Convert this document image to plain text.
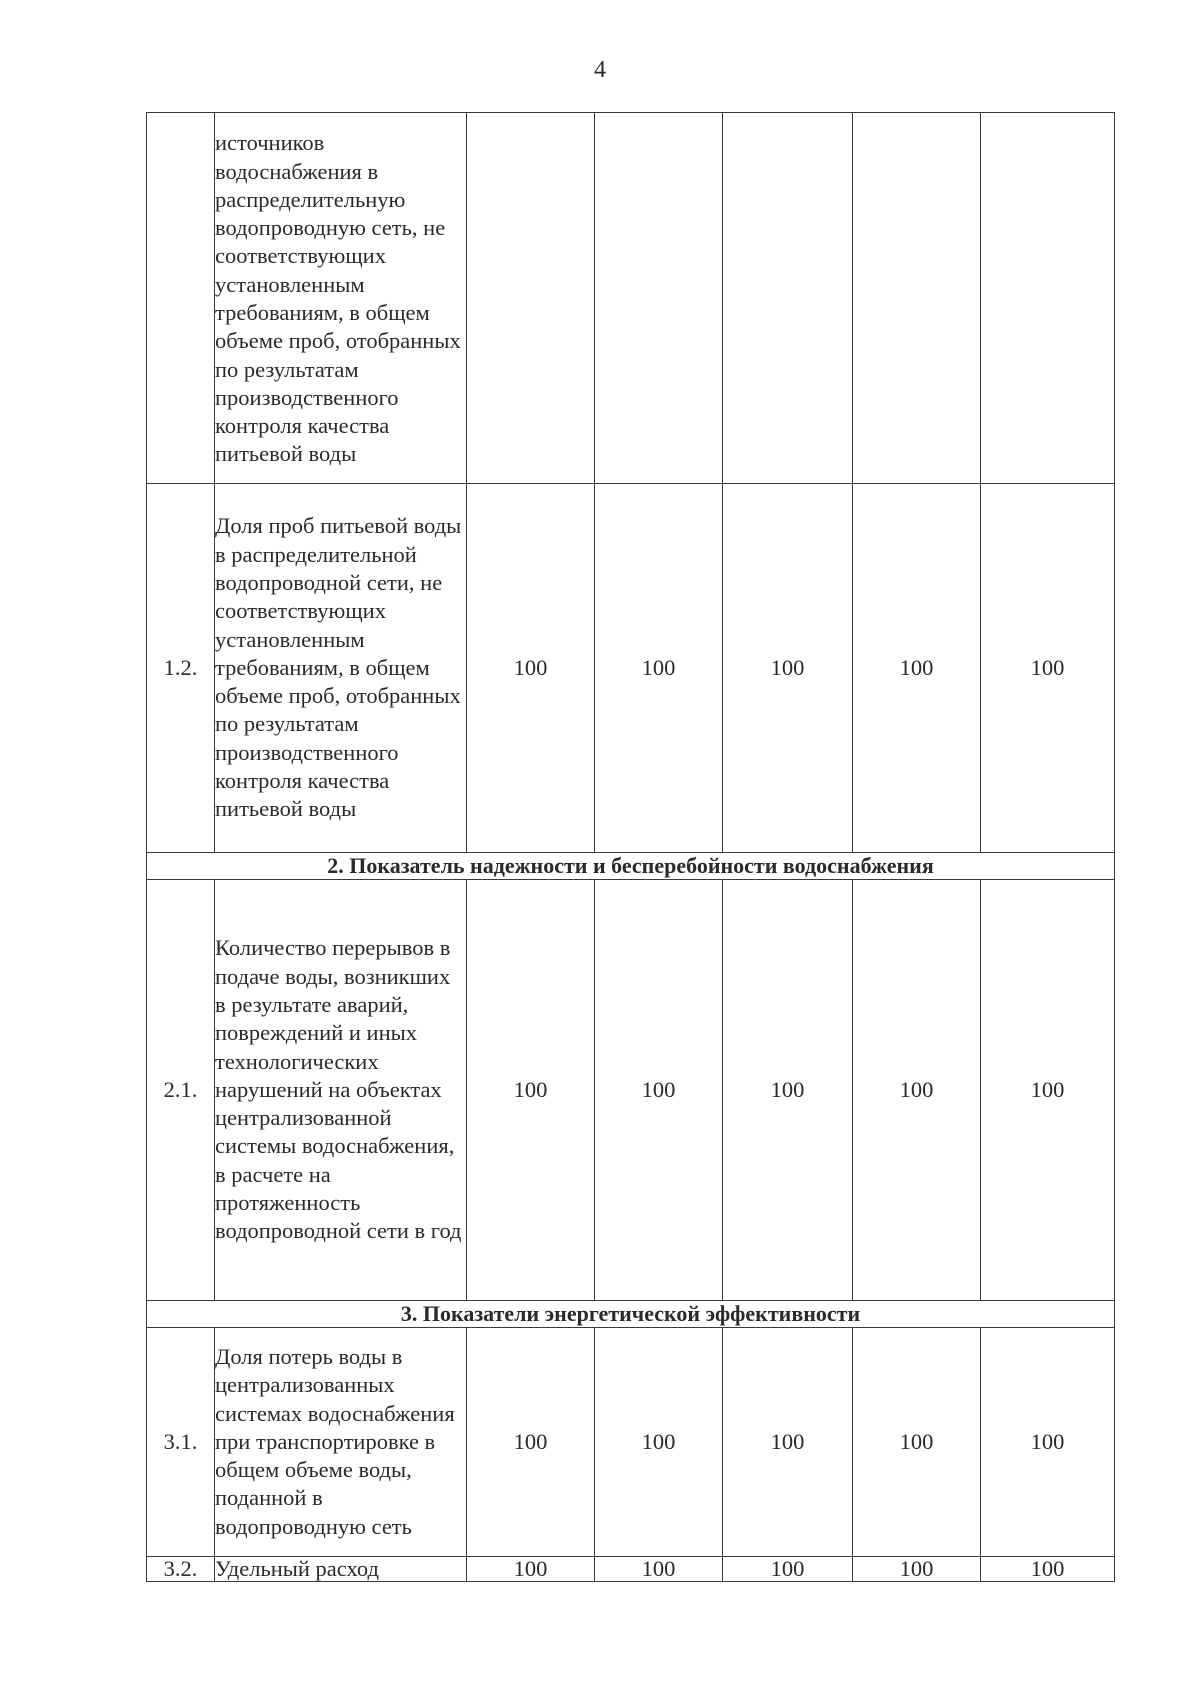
4
	источников водоснабжения в распределительную водопроводную сеть, не соответствующих установленным требованиям, в общем объеме проб, отобранных по результатам производственного контроля качества питьевой воды					
1.2.	Доля проб питьевой воды в распределительной водопроводной сети, не соответствующих установленным требованиям, в общем объеме проб, отобранных по результатам производственного контроля качества питьевой воды	100	100	100	100	100
2. Показатель надежности и бесперебойности водоснабжения						
2.1.	Количество перерывов в подаче воды, возникших в результате аварий, повреждений и иных технологических нарушений на объектах централизованной системы водоснабжения, в расчете на протяженность водопроводной сети в год	100	100	100	100	100
3. Показатели энергетической эффективности						
3.1.	Доля потерь воды в централизованных системах водоснабжения при транспортировке в общем объеме воды, поданной в водопроводную сеть	100	100	100	100	100
3.2.	Удельный расход	100	100	100	100	100
